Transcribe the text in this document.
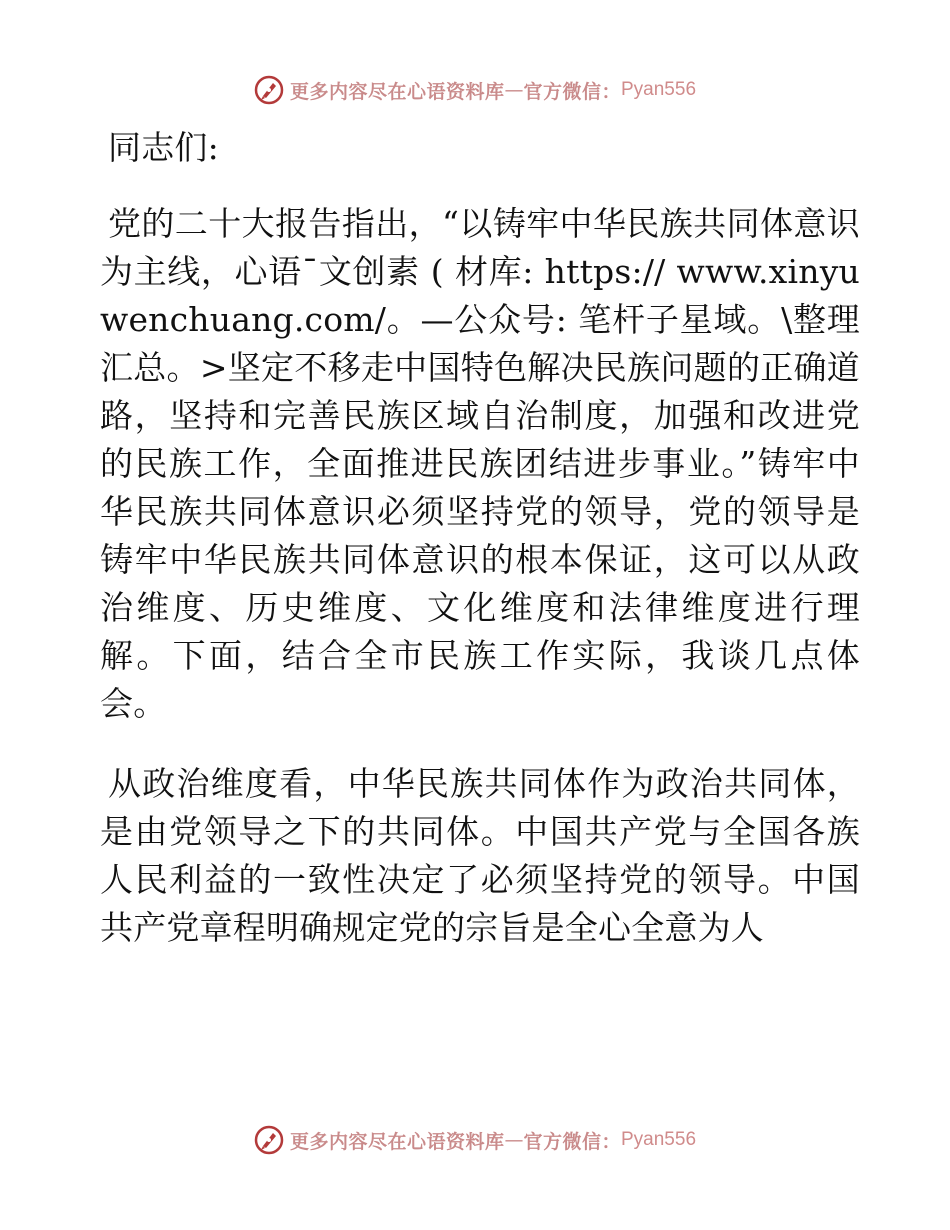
更多内容尽在心语资料库 — 官方微信： Pyan556

同志们:

党的二十大报告指出，“以铸牢中华民族共同体意识为主线，心语¯文创素 ( 材库: https:// www.xinyuwenchuang.com/。—公众号: 笔杆子星域。\整理汇总。>坚定不移走中国特色解决民族问题的正确道路，坚持和完善民族区域自治制度，加强和改进党的民族工作，全面推进民族团结进步事业。”铸牢中华民族共同体意识必须坚持党的领导，党的领导是铸牢中华民族共同体意识的根本保证，这可以从政治维度、历史维度、文化维度和法律维度进行理解。下面，结合全市民族工作实际，我谈几点体会。

从政治维度看，中华民族共同体作为政治共同体，是由党领导之下的共同体。中国共产党与全国各族人民利益的一致性决定了必须坚持党的领导。中国共产党章程明确规定党的宗旨是全心全意为人

更多内容尽在心语资料库 — 官方微信： Pyan556
